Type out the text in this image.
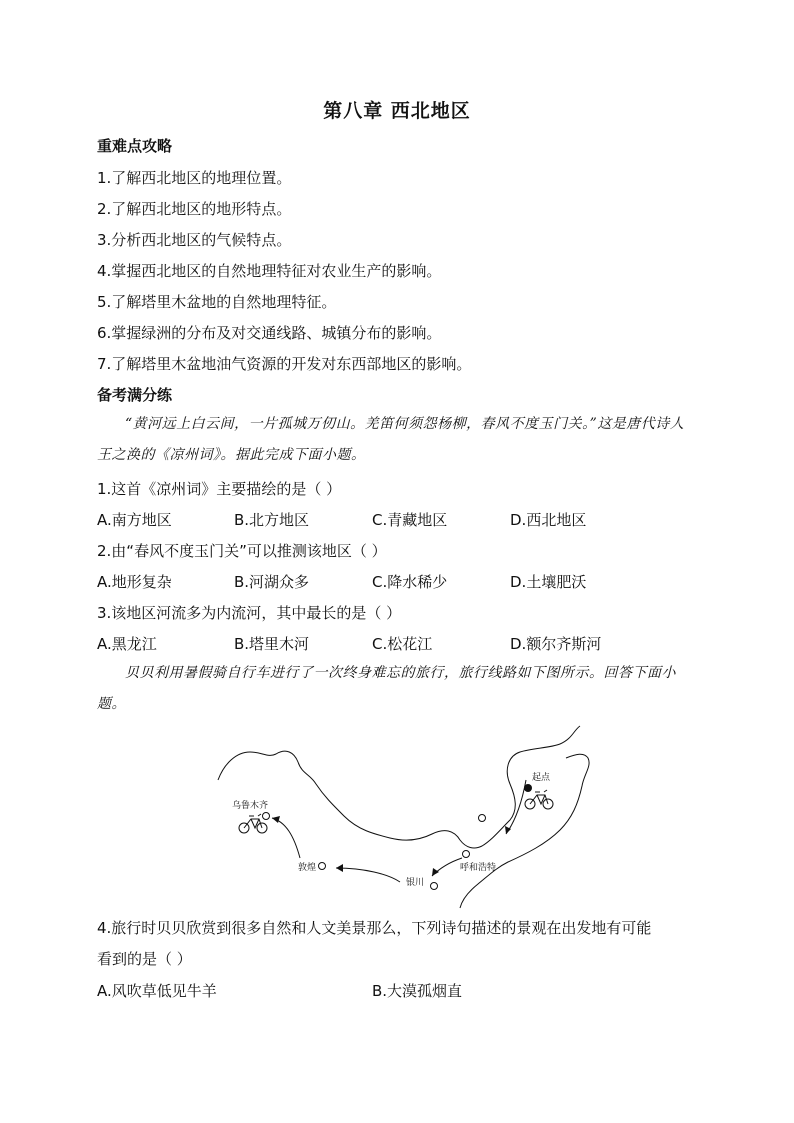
第八章 西北地区
重难点攻略
1.了解西北地区的地理位置。
2.了解西北地区的地形特点。
3.分析西北地区的气候特点。
4.掌握西北地区的自然地理特征对农业生产的影响。
5.了解塔里木盆地的自然地理特征。
6.掌握绿洲的分布及对交通线路、城镇分布的影响。
7.了解塔里木盆地油气资源的开发对东西部地区的影响。
备考满分练
“黄河远上白云间，一片孤城万仞山。羌笛何须怨杨柳，春风不度玉门关。”这是唐代诗人王之涣的《凉州词》。据此完成下面小题。
1.这首《凉州词》主要描绘的是（ ）
A.南方地区	B.北方地区	C.青藏地区	D.西北地区
2.由“春风不度玉门关”可以推测该地区（ ）
A.地形复杂	B.河湖众多	C.降水稀少	D.土壤肥沃
3.该地区河流多为内流河，其中最长的是（ ）
A.黑龙江	B.塔里木河	C.松花江	D.额尔齐斯河
贝贝利用暑假骑自行车进行了一次终身难忘的旅行，旅行线路如下图所示。回答下面小题。
起点
呼和浩特
银川
敦煌
乌鲁木齐
4.旅行时贝贝欣赏到很多自然和人文美景那么，下列诗句描述的景观在出发地有可能
看到的是（ ）
A.风吹草低见牛羊	B.大漠孤烟直
